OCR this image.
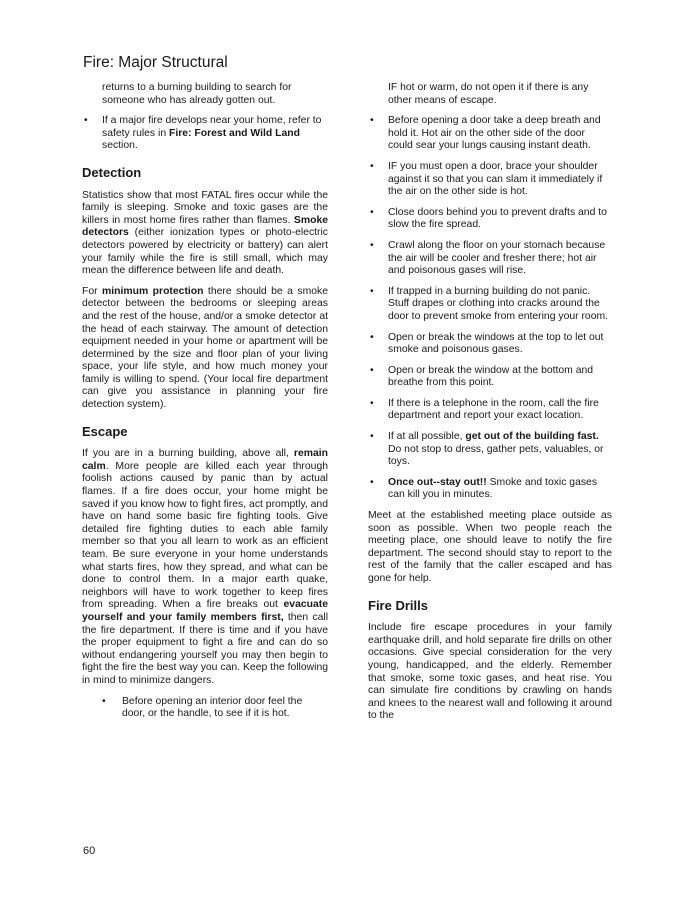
Fire: Major Structural

returns to a burning building to search for someone who has already gotten out.

• If a major fire develops near your home, refer to safety rules in Fire: Forest and Wild Land section.
Detection

Statistics show that most FATAL fires occur while the family is sleeping. Smoke and toxic gases are the killers in most home fires rather than flames. Smoke detectors (either ionization types or photo-electric detectors powered by electricity or battery) can alert your family while the fire is still small, which may mean the difference between life and death.

For minimum protection there should be a smoke detector between the bedrooms or sleeping areas and the rest of the house, and/or a smoke detector at the head of each stairway. The amount of detection equipment needed in your home or apartment will be determined by the size and floor plan of your living space, your life style, and how much money your family is willing to spend. (Your local fire department can give you assistance in planning your fire detection system).

Escape

If you are in a burning building, above all, remain calm. More people are killed each year through foolish actions caused by panic than by actual flames. If a fire does occur, your home might be saved if you know how to fight fires, act promptly, and have on hand some basic fire fighting tools. Give detailed fire fighting duties to each able family member so that you all learn to work as an efficient team. Be sure everyone in your home understands what starts fires, how they spread, and what can be done to control them. In a major earth quake, neighbors will have to work together to keep fires from spreading. When a fire breaks out evacuate yourself and your family members first, then call the fire department. If there is time and if you have the proper equipment to fight a fire and can do so without endangering yourself you may then begin to fight the fire the best way you can. Keep the following in mind to minimize dangers.

• Before opening an interior door feel the door, or the handle, to see if it is hot.

IF hot or warm, do not open it if there is any other means of escape.

• Before opening a door take a deep breath and hold it. Hot air on the other side of the door could sear your lungs causing instant death.
• IF you must open a door, brace your shoulder against it so that you can slam it immediately if the air on the other side is hot.
• Close doors behind you to prevent drafts and to slow the fire spread.
• Crawl along the floor on your stomach because the air will be cooler and fresher there; hot air and poisonous gases will rise.
• If trapped in a burning building do not panic. Stuff drapes or clothing into cracks around the door to prevent smoke from entering your room.
• Open or break the windows at the top to let out smoke and poisonous gases.
• Open or break the window at the bottom and breathe from this point.
• If there is a telephone in the room, call the fire department and report your exact location.
• If at all possible, get out of the building fast. Do not stop to dress, gather pets, valuables, or toys.
• Once out--stay out!! Smoke and toxic gases can kill you in minutes.

Meet at the established meeting place outside as soon as possible. When two people reach the meeting place, one should leave to notify the fire department. The second should stay to report to the rest of the family that the caller escaped and has gone for help.

Fire Drills

Include fire escape procedures in your family earthquake drill, and hold separate fire drills on other occasions. Give special consideration for the very young, handicapped, and the elderly. Remember that smoke, some toxic gases, and heat rise. You can simulate fire conditions by crawling on hands and knees to the nearest wall and following it around to the

60
